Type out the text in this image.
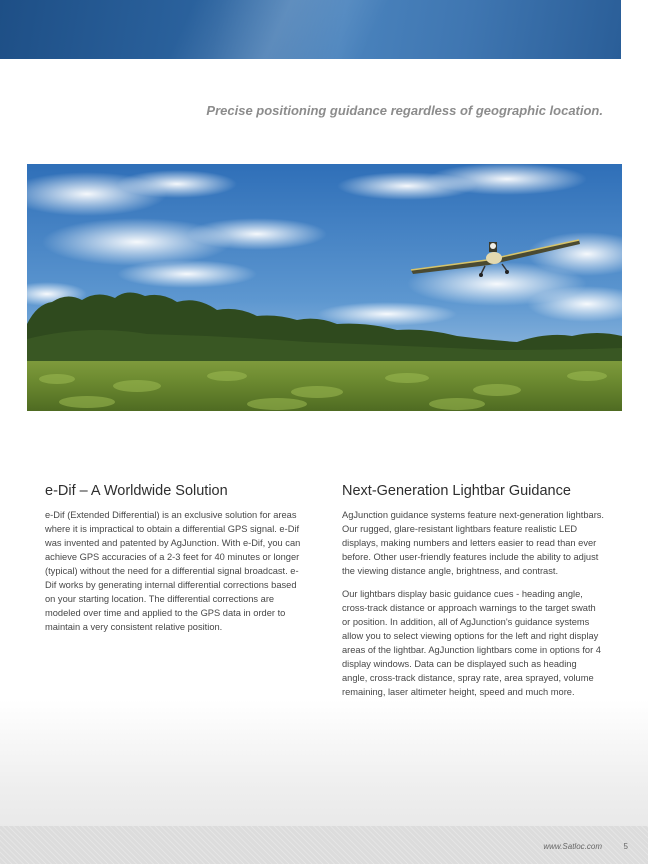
Precise positioning guidance regardless of geographic location.
e-Dif – A Worldwide Solution

e-Dif (Extended Differential) is an exclusive solution for areas where it is impractical to obtain a differential GPS signal. e-Dif was invented and patented by AgJunction. With e-Dif, you can achieve GPS accuracies of a 2-3 feet for 40 minutes or longer (typical) without the need for a differential signal broadcast. e-Dif works by generating internal differential corrections based on your starting location. The differential corrections are modeled over time and applied to the GPS data in order to maintain a very consistent relative position.

Next-Generation Lightbar Guidance

AgJunction guidance systems feature next-generation lightbars. Our rugged, glare-resistant lightbars feature realistic LED displays, making numbers and letters easier to read than ever before. Other user-friendly features include the ability to adjust the viewing distance angle, brightness, and contrast.

Our lightbars display basic guidance cues - heading angle, cross-track distance or approach warnings to the target swath or position. In addition, all of AgJunction's guidance systems allow you to select viewing options for the left and right display areas of the lightbar. AgJunction lightbars come in options for 4 display windows. Data can be displayed such as heading angle, cross-track distance, spray rate, area sprayed, volume remaining, laser altimeter height, speed and much more.

www.Satloc.com	5
